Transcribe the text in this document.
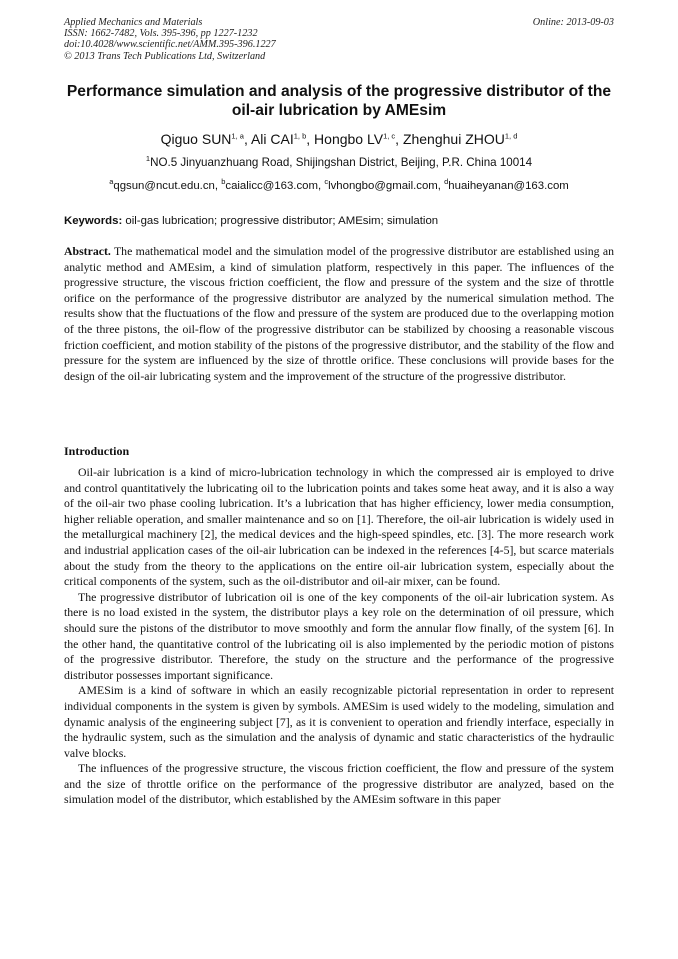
Applied Mechanics and Materials
ISSN: 1662-7482, Vols. 395-396, pp 1227-1232
doi:10.4028/www.scientific.net/AMM.395-396.1227
© 2013 Trans Tech Publications Ltd, Switzerland
Online: 2013-09-03
Performance simulation and analysis of the progressive distributor of the oil-air lubrication by AMEsim
Qiguo SUN$^{1, a}$, Ali CAI$^{1, b}$, Hongbo LV$^{1, c}$, Zhenghui ZHOU$^{1, d}$
$^1$NO.5 Jinyuanzhuang Road, Shijingshan District, Beijing, P.R. China 10014
$^a$qgsun@ncut.edu.cn, $^b$caialicc@163.com, $^c$lvhongbo@gmail.com, $^d$huaiheyanan@163.com
Keywords: oil-gas lubrication; progressive distributor; AMEsim; simulation
Abstract. The mathematical model and the simulation model of the progressive distributor are established using an analytic method and AMEsim, a kind of simulation platform, respectively in this paper. The influences of the progressive structure, the viscous friction coefficient, the flow and pressure of the system and the size of throttle orifice on the performance of the progressive distributor are analyzed by the numerical simulation method. The results show that the fluctuations of the flow and pressure of the system are produced due to the overlapping motion of the three pistons, the oil-flow of the progressive distributor can be stabilized by choosing a reasonable viscous friction coefficient, and motion stability of the pistons of the progressive distributor, and the stability of the flow and pressure for the system are influenced by the size of throttle orifice. These conclusions will provide bases for the design of the oil-air lubricating system and the improvement of the structure of the progressive distributor.
Introduction

Oil-air lubrication is a kind of micro-lubrication technology in which the compressed air is employed to drive and control quantitatively the lubricating oil to the lubrication points and takes some heat away, and it is also a way of the oil-air two phase cooling lubrication. It’s a lubrication that has higher efficiency, lower media consumption, higher reliable operation, and smaller maintenance and so on [1]. Therefore, the oil-air lubrication is widely used in the metallurgical machinery [2], the medical devices and the high-speed spindles, etc. [3]. The more research work and industrial application cases of the oil-air lubrication can be indexed in the references [4-5], but scarce materials about the study from the theory to the applications on the entire oil-air lubrication system, especially about the critical components of the system, such as the oil-distributor and oil-air mixer, can be found.

The progressive distributor of lubrication oil is one of the key components of the oil-air lubrication system. As there is no load existed in the system, the distributor plays a key role on the determination of oil pressure, which should sure the pistons of the distributor to move smoothly and form the annular flow finally, of the system [6]. In the other hand, the quantitative control of the lubricating oil is also implemented by the periodic motion of pistons of the progressive distributor. Therefore, the study on the structure and the performance of the progressive distributor possesses important significance.

AMESim is a kind of software in which an easily recognizable pictorial representation in order to represent individual components in the system is given by symbols. AMESim is used widely to the modeling, simulation and dynamic analysis of the engineering subject [7], as it is convenient to operation and friendly interface, especially in the hydraulic system, such as the simulation and the analysis of dynamic and static characteristics of the hydraulic valve blocks.

The influences of the progressive structure, the viscous friction coefficient, the flow and pressure of the system and the size of throttle orifice on the performance of the progressive distributor are analyzed, based on the simulation model of the distributor, which established by the AMEsim software in this paper
